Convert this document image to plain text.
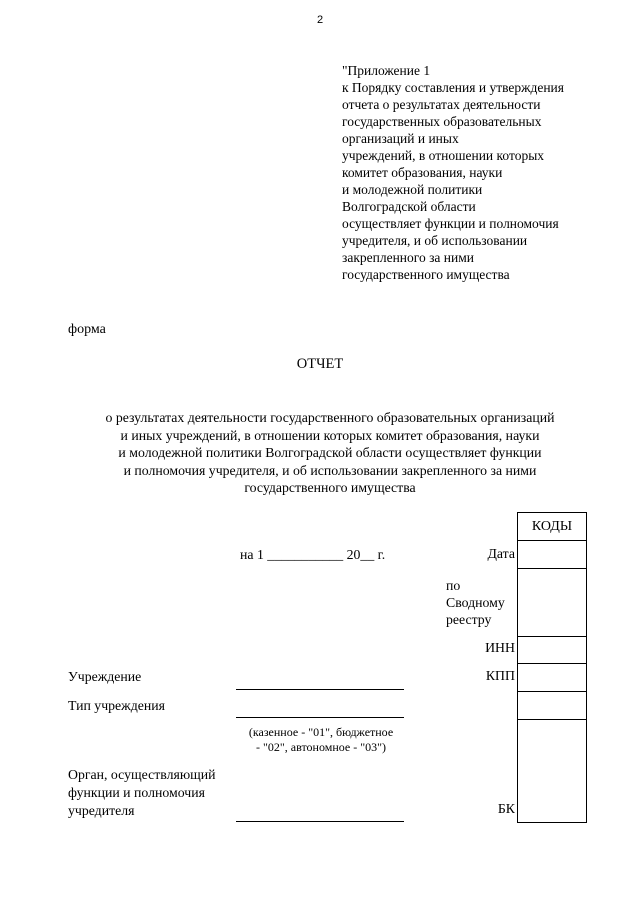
2
"Приложение 1
к Порядку составления и утверждения
отчета о результатах деятельности
государственных образовательных
организаций и иных
учреждений, в отношении которых
комитет образования, науки
и молодежной политики
Волгоградской области
осуществляет функции и полномочия
учредителя, и об использовании
закрепленного за ними
государственного имущества
форма
ОТЧЕТ
о результатах деятельности государственного образовательных организаций
и иных учреждений, в отношении которых комитет образования, науки
и молодежной политики Волгоградской области осуществляет функции
и полномочия учредителя, и об использовании закрепленного за ними
государственного имущества
КОДЫ
на 1 ___________ 20__ г.	Дата
по
Сводному
реестру
ИНН
КПП
БК
Учреждение
Тип учреждения
(казенное - "01", бюджетное
- "02", автономное - "03")
Орган, осуществляющий
функции и полномочия
учредителя
